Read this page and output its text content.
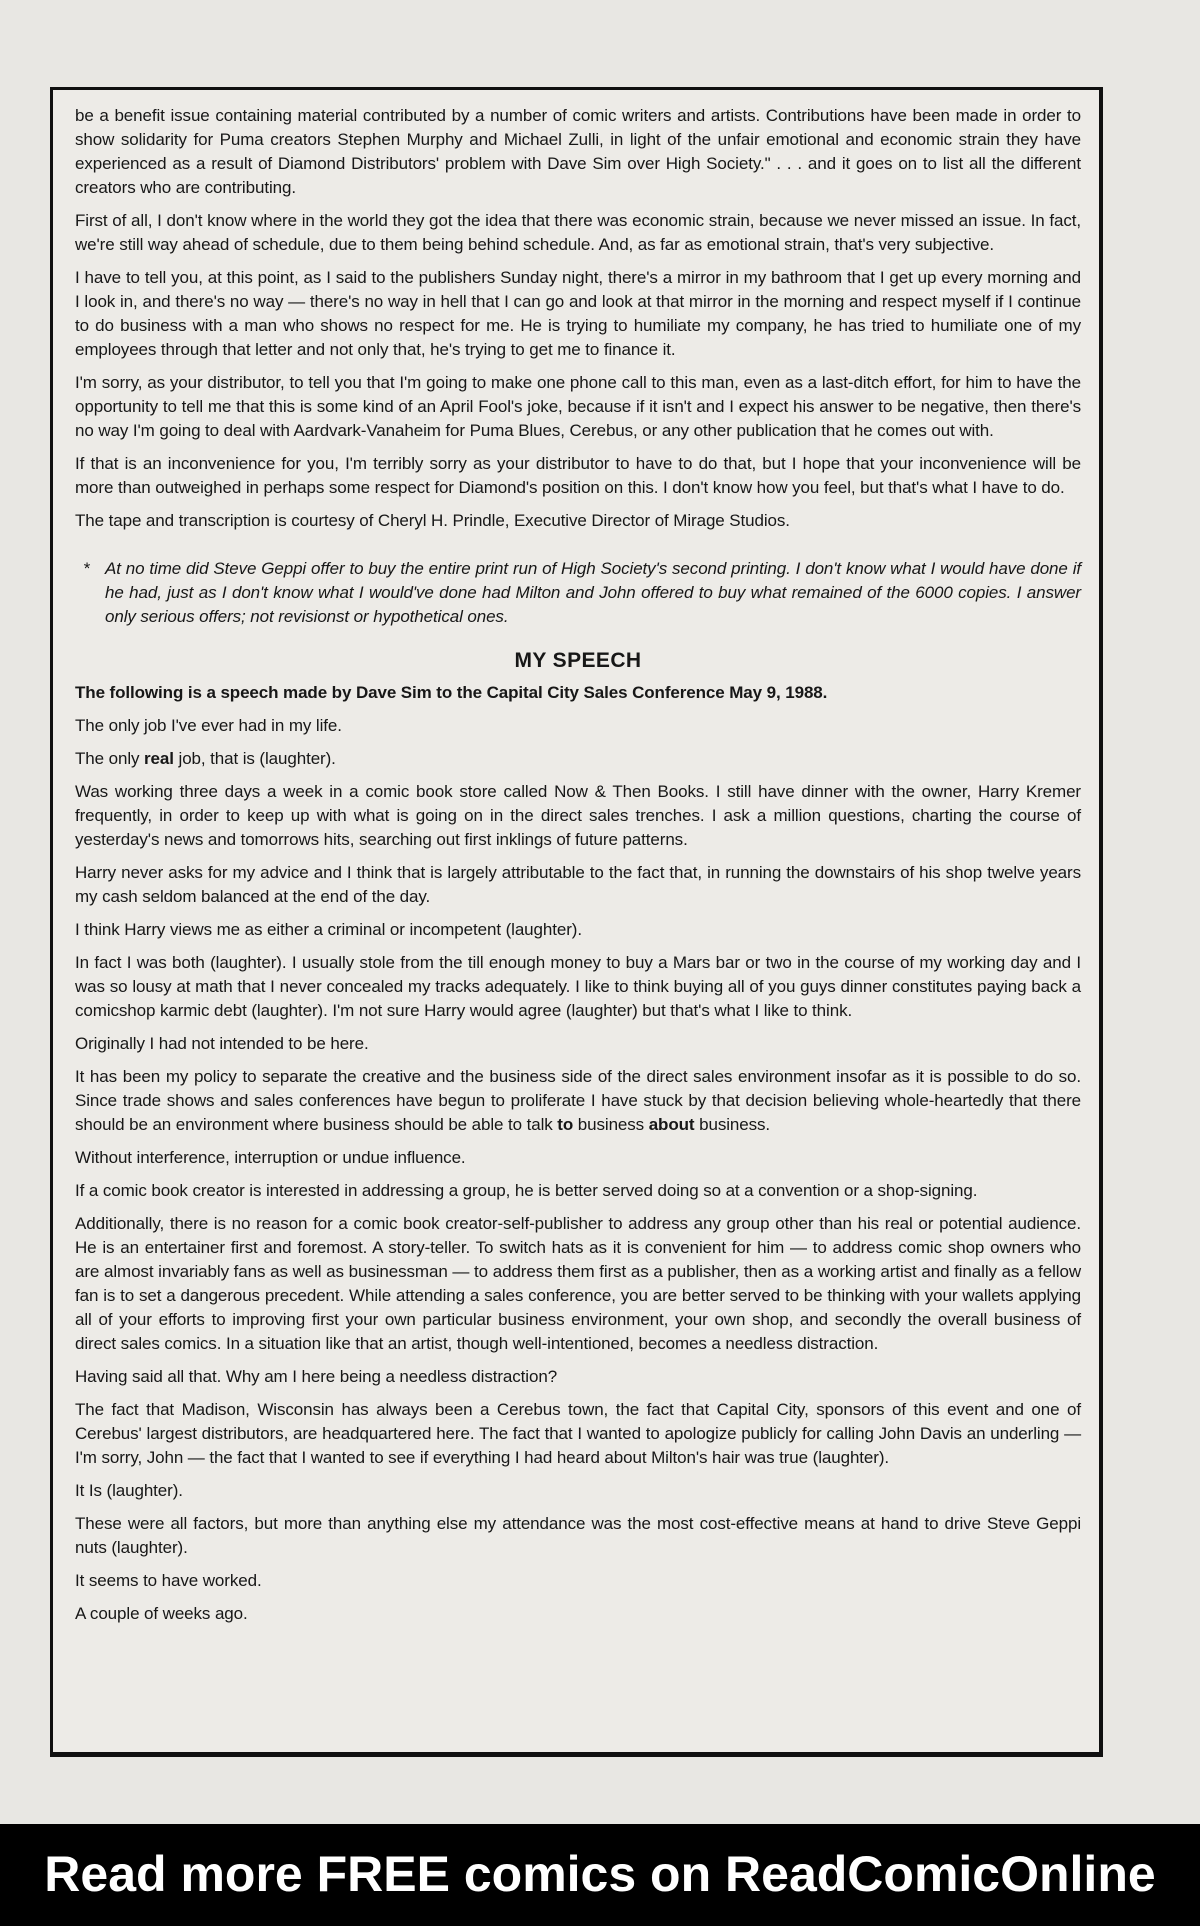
be a benefit issue containing material contributed by a number of comic writers and artists. Contributions have been made in order to show solidarity for Puma creators Stephen Murphy and Michael Zulli, in light of the unfair emotional and economic strain they have experienced as a result of Diamond Distributors' problem with Dave Sim over High Society." . . . and it goes on to list all the different creators who are contributing.

First of all, I don't know where in the world they got the idea that there was economic strain, because we never missed an issue. In fact, we're still way ahead of schedule, due to them being behind schedule. And, as far as emotional strain, that's very subjective.

I have to tell you, at this point, as I said to the publishers Sunday night, there's a mirror in my bathroom that I get up every morning and I look in, and there's no way — there's no way in hell that I can go and look at that mirror in the morning and respect myself if I continue to do business with a man who shows no respect for me. He is trying to humiliate my company, he has tried to humiliate one of my employees through that letter and not only that, he's trying to get me to finance it.

I'm sorry, as your distributor, to tell you that I'm going to make one phone call to this man, even as a last-ditch effort, for him to have the opportunity to tell me that this is some kind of an April Fool's joke, because if it isn't and I expect his answer to be negative, then there's no way I'm going to deal with Aardvark-Vanaheim for Puma Blues, Cerebus, or any other publication that he comes out with.

If that is an inconvenience for you, I'm terribly sorry as your distributor to have to do that, but I hope that your inconvenience will be more than outweighed in perhaps some respect for Diamond's position on this. I don't know how you feel, but that's what I have to do.

The tape and transcription is courtesy of Cheryl H. Prindle, Executive Director of Mirage Studios.

* At no time did Steve Geppi offer to buy the entire print run of High Society's second printing. I don't know what I would have done if he had, just as I don't know what I would've done had Milton and John offered to buy what remained of the 6000 copies. I answer only serious offers; not revisionst or hypothetical ones.

MY SPEECH

The following is a speech made by Dave Sim to the Capital City Sales Conference May 9, 1988.

The only job I've ever had in my life.

The only real job, that is (laughter).

Was working three days a week in a comic book store called Now & Then Books. I still have dinner with the owner, Harry Kremer frequently, in order to keep up with what is going on in the direct sales trenches. I ask a million questions, charting the course of yesterday's news and tomorrows hits, searching out first inklings of future patterns.

Harry never asks for my advice and I think that is largely attributable to the fact that, in running the downstairs of his shop twelve years my cash seldom balanced at the end of the day.

I think Harry views me as either a criminal or incompetent (laughter).

In fact I was both (laughter). I usually stole from the till enough money to buy a Mars bar or two in the course of my working day and I was so lousy at math that I never concealed my tracks adequately. I like to think buying all of you guys dinner constitutes paying back a comicshop karmic debt (laughter). I'm not sure Harry would agree (laughter) but that's what I like to think.

Originally I had not intended to be here.

It has been my policy to separate the creative and the business side of the direct sales environment insofar as it is possible to do so. Since trade shows and sales conferences have begun to proliferate I have stuck by that decision believing whole-heartedly that there should be an environment where business should be able to talk to business about business.

Without interference, interruption or undue influence.

If a comic book creator is interested in addressing a group, he is better served doing so at a convention or a shop-signing.

Additionally, there is no reason for a comic book creator-self-publisher to address any group other than his real or potential audience. He is an entertainer first and foremost. A story-teller. To switch hats as it is convenient for him — to address comic shop owners who are almost invariably fans as well as businessman — to address them first as a publisher, then as a working artist and finally as a fellow fan is to set a dangerous precedent. While attending a sales conference, you are better served to be thinking with your wallets applying all of your efforts to improving first your own particular business environment, your own shop, and secondly the overall business of direct sales comics. In a situation like that an artist, though well-intentioned, becomes a needless distraction.

Having said all that. Why am I here being a needless distraction?

The fact that Madison, Wisconsin has always been a Cerebus town, the fact that Capital City, sponsors of this event and one of Cerebus' largest distributors, are headquartered here. The fact that I wanted to apologize publicly for calling John Davis an underling — I'm sorry, John — the fact that I wanted to see if everything I had heard about Milton's hair was true (laughter).

It Is (laughter).

These were all factors, but more than anything else my attendance was the most cost-effective means at hand to drive Steve Geppi nuts (laughter).

It seems to have worked.

A couple of weeks ago.

Read more FREE comics on ReadComicOnline
